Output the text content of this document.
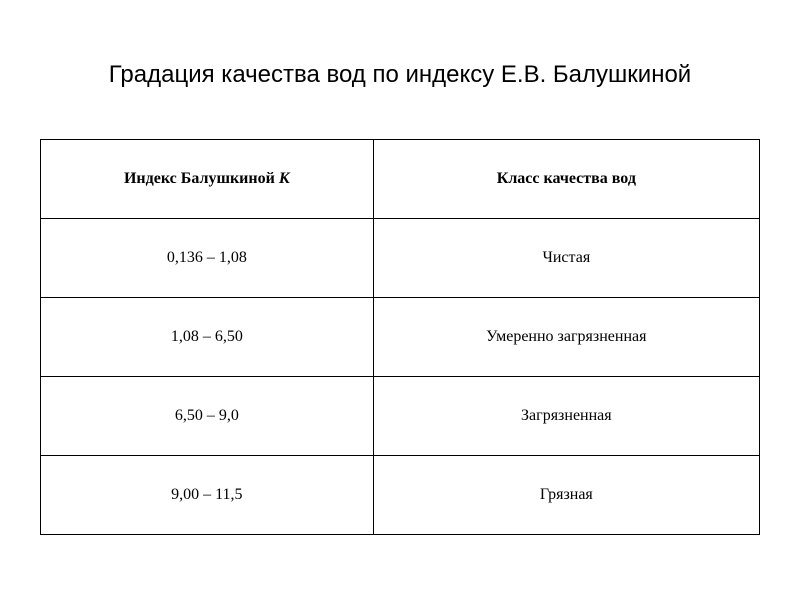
Градация качества вод по индексу Е.В. Балушкиной
Индекс Балушкиной К	Класс качества вод
0,136 – 1,08	Чистая
1,08 – 6,50	Умеренно загрязненная
6,50 – 9,0	Загрязненная
9,00 – 11,5	Грязная
